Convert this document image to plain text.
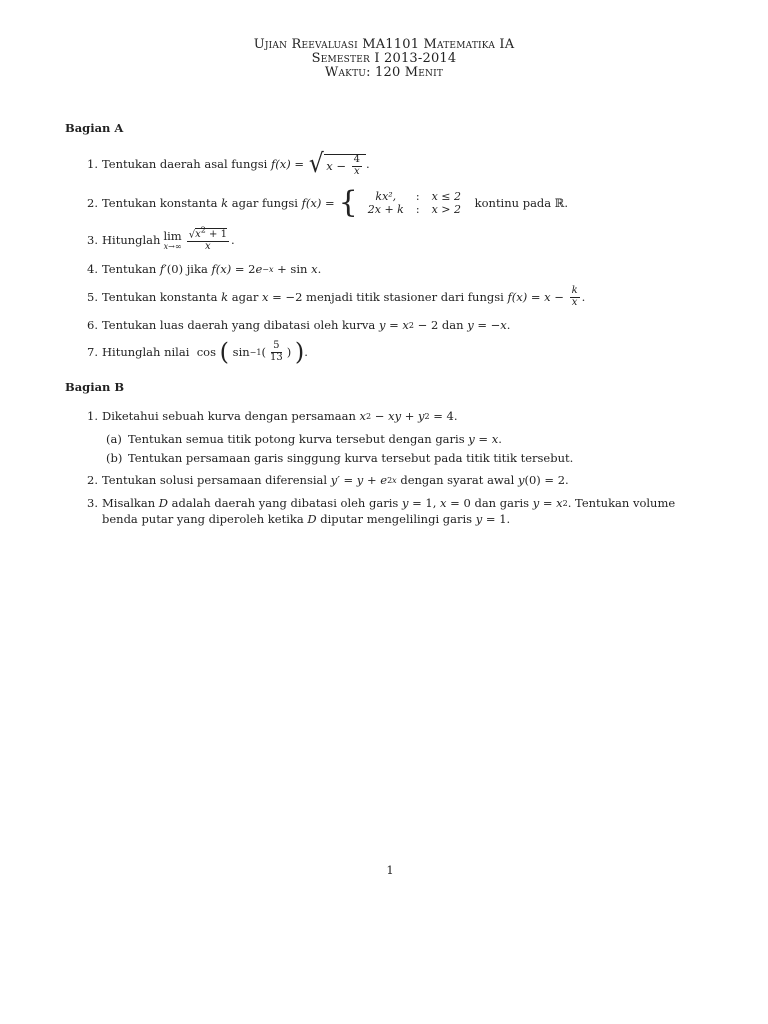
Ujian Reevaluasi MA1101 Matematika IA
Semester I 2013-2014
Waktu: 120 Menit
Bagian A
1. Tentukan daerah asal fungsi
f(x) = √ $x - \frac{4}{x}$ .
2. Tentukan konstanta
k
agar fungsi
f(x) = { kx²,	:	x ≤ 2
2x + k	:	x > 2
kontinu pada ℝ.
3. Hitunglah lim
$x\to\infty \frac{√x^2 + 1}{x}$ .
4. Tentukan
f′ (0) jika
f(x) = 2 e −x + sin x .
5. Tentukan konstanta
k
agar
x = −2 menjadi titik stasioner dari fungsi
$f(x) = x - \frac{k}{x}$ .
6. Tentukan luas daerah yang dibatasi oleh kurva
y = x 2 − 2 dan
y = − x .
7. Hitunglah nilai cos ( sin −1 ( $\frac{5}{13}$ ) ) .
Bagian B
1. Diketahui sebuah kurva dengan persamaan
x 2 − xy + y 2 = 4.
(a) Tentukan semua titik potong kurva tersebut dengan garis
y = x .
(b) Tentukan persamaan garis singgung kurva tersebut pada titik titik tersebut.
2. Tentukan solusi persamaan diferensial
y′ = y + e 2x
dengan syarat awal
y (0) = 2.
3. Misalkan
D
adalah daerah yang dibatasi oleh garis
y = 1, x = 0 dan garis
y = x 2 . Tentukan volume
benda putar yang diperoleh ketika D diputar mengelilingi garis y = 1.
1
